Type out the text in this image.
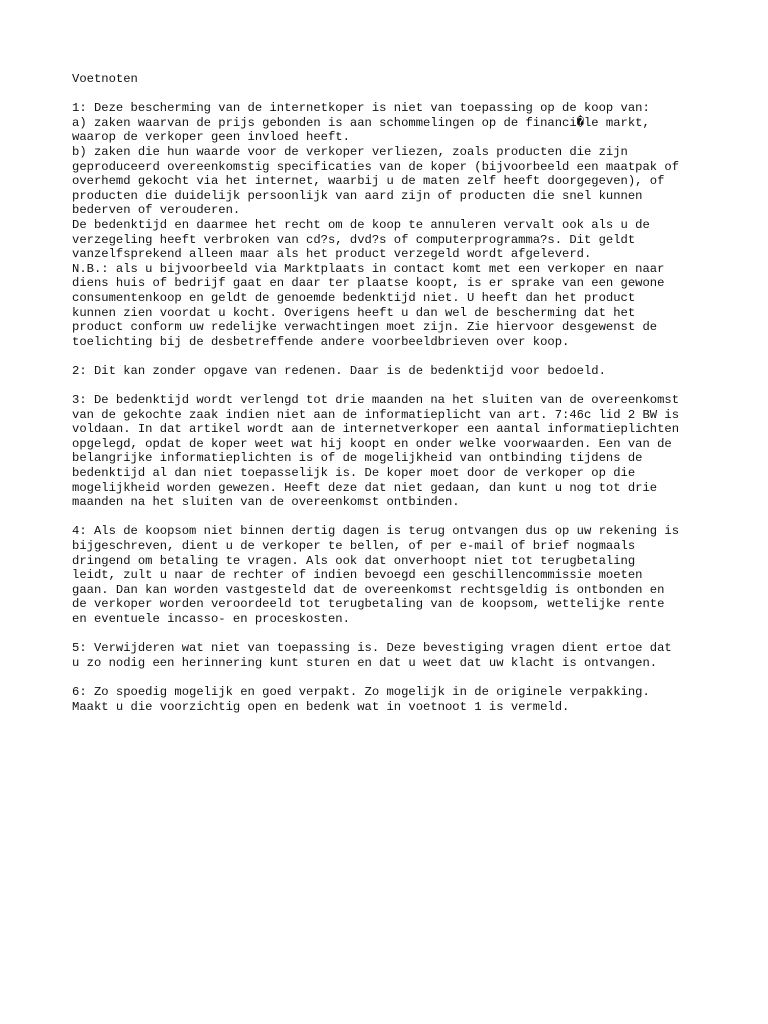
Voetnoten
1: Deze bescherming van de internetkoper is niet van toepassing op de koop van:
a) zaken waarvan de prijs gebonden is aan schommelingen op de financi�le markt,
waarop de verkoper geen invloed heeft.
b) zaken die hun waarde voor de verkoper verliezen, zoals producten die zijn
geproduceerd overeenkomstig specificaties van de koper (bijvoorbeeld een maatpak of
overhemd gekocht via het internet, waarbij u de maten zelf heeft doorgegeven), of
producten die duidelijk persoonlijk van aard zijn of producten die snel kunnen
bederven of verouderen.
De bedenktijd en daarmee het recht om de koop te annuleren vervalt ook als u de
verzegeling heeft verbroken van cd?s, dvd?s of computerprogramma?s. Dit geldt
vanzelfsprekend alleen maar als het product verzegeld wordt afgeleverd.
N.B.: als u bijvoorbeeld via Marktplaats in contact komt met een verkoper en naar
diens huis of bedrijf gaat en daar ter plaatse koopt, is er sprake van een gewone
consumentenkoop en geldt de genoemde bedenktijd niet. U heeft dan het product
kunnen zien voordat u kocht. Overigens heeft u dan wel de bescherming dat het
product conform uw redelijke verwachtingen moet zijn. Zie hiervoor desgewenst de
toelichting bij de desbetreffende andere voorbeeldbrieven over koop.
2: Dit kan zonder opgave van redenen. Daar is de bedenktijd voor bedoeld.
3: De bedenktijd wordt verlengd tot drie maanden na het sluiten van de overeenkomst
van de gekochte zaak indien niet aan de informatieplicht van art. 7:46c lid 2 BW is
voldaan. In dat artikel wordt aan de internetverkoper een aantal informatieplichten
opgelegd, opdat de koper weet wat hij koopt en onder welke voorwaarden. Een van de
belangrijke informatieplichten is of de mogelijkheid van ontbinding tijdens de
bedenktijd al dan niet toepasselijk is. De koper moet door de verkoper op die
mogelijkheid worden gewezen. Heeft deze dat niet gedaan, dan kunt u nog tot drie
maanden na het sluiten van de overeenkomst ontbinden.
4: Als de koopsom niet binnen dertig dagen is terug ontvangen dus op uw rekening is
bijgeschreven, dient u de verkoper te bellen, of per e-mail of brief nogmaals
dringend om betaling te vragen. Als ook dat onverhoopt niet tot terugbetaling
leidt, zult u naar de rechter of indien bevoegd een geschillencommissie moeten
gaan. Dan kan worden vastgesteld dat de overeenkomst rechtsgeldig is ontbonden en
de verkoper worden veroordeeld tot terugbetaling van de koopsom, wettelijke rente
en eventuele incasso- en proceskosten.
5: Verwijderen wat niet van toepassing is. Deze bevestiging vragen dient ertoe dat
u zo nodig een herinnering kunt sturen en dat u weet dat uw klacht is ontvangen.
6: Zo spoedig mogelijk en goed verpakt. Zo mogelijk in de originele verpakking.
Maakt u die voorzichtig open en bedenk wat in voetnoot 1 is vermeld.
